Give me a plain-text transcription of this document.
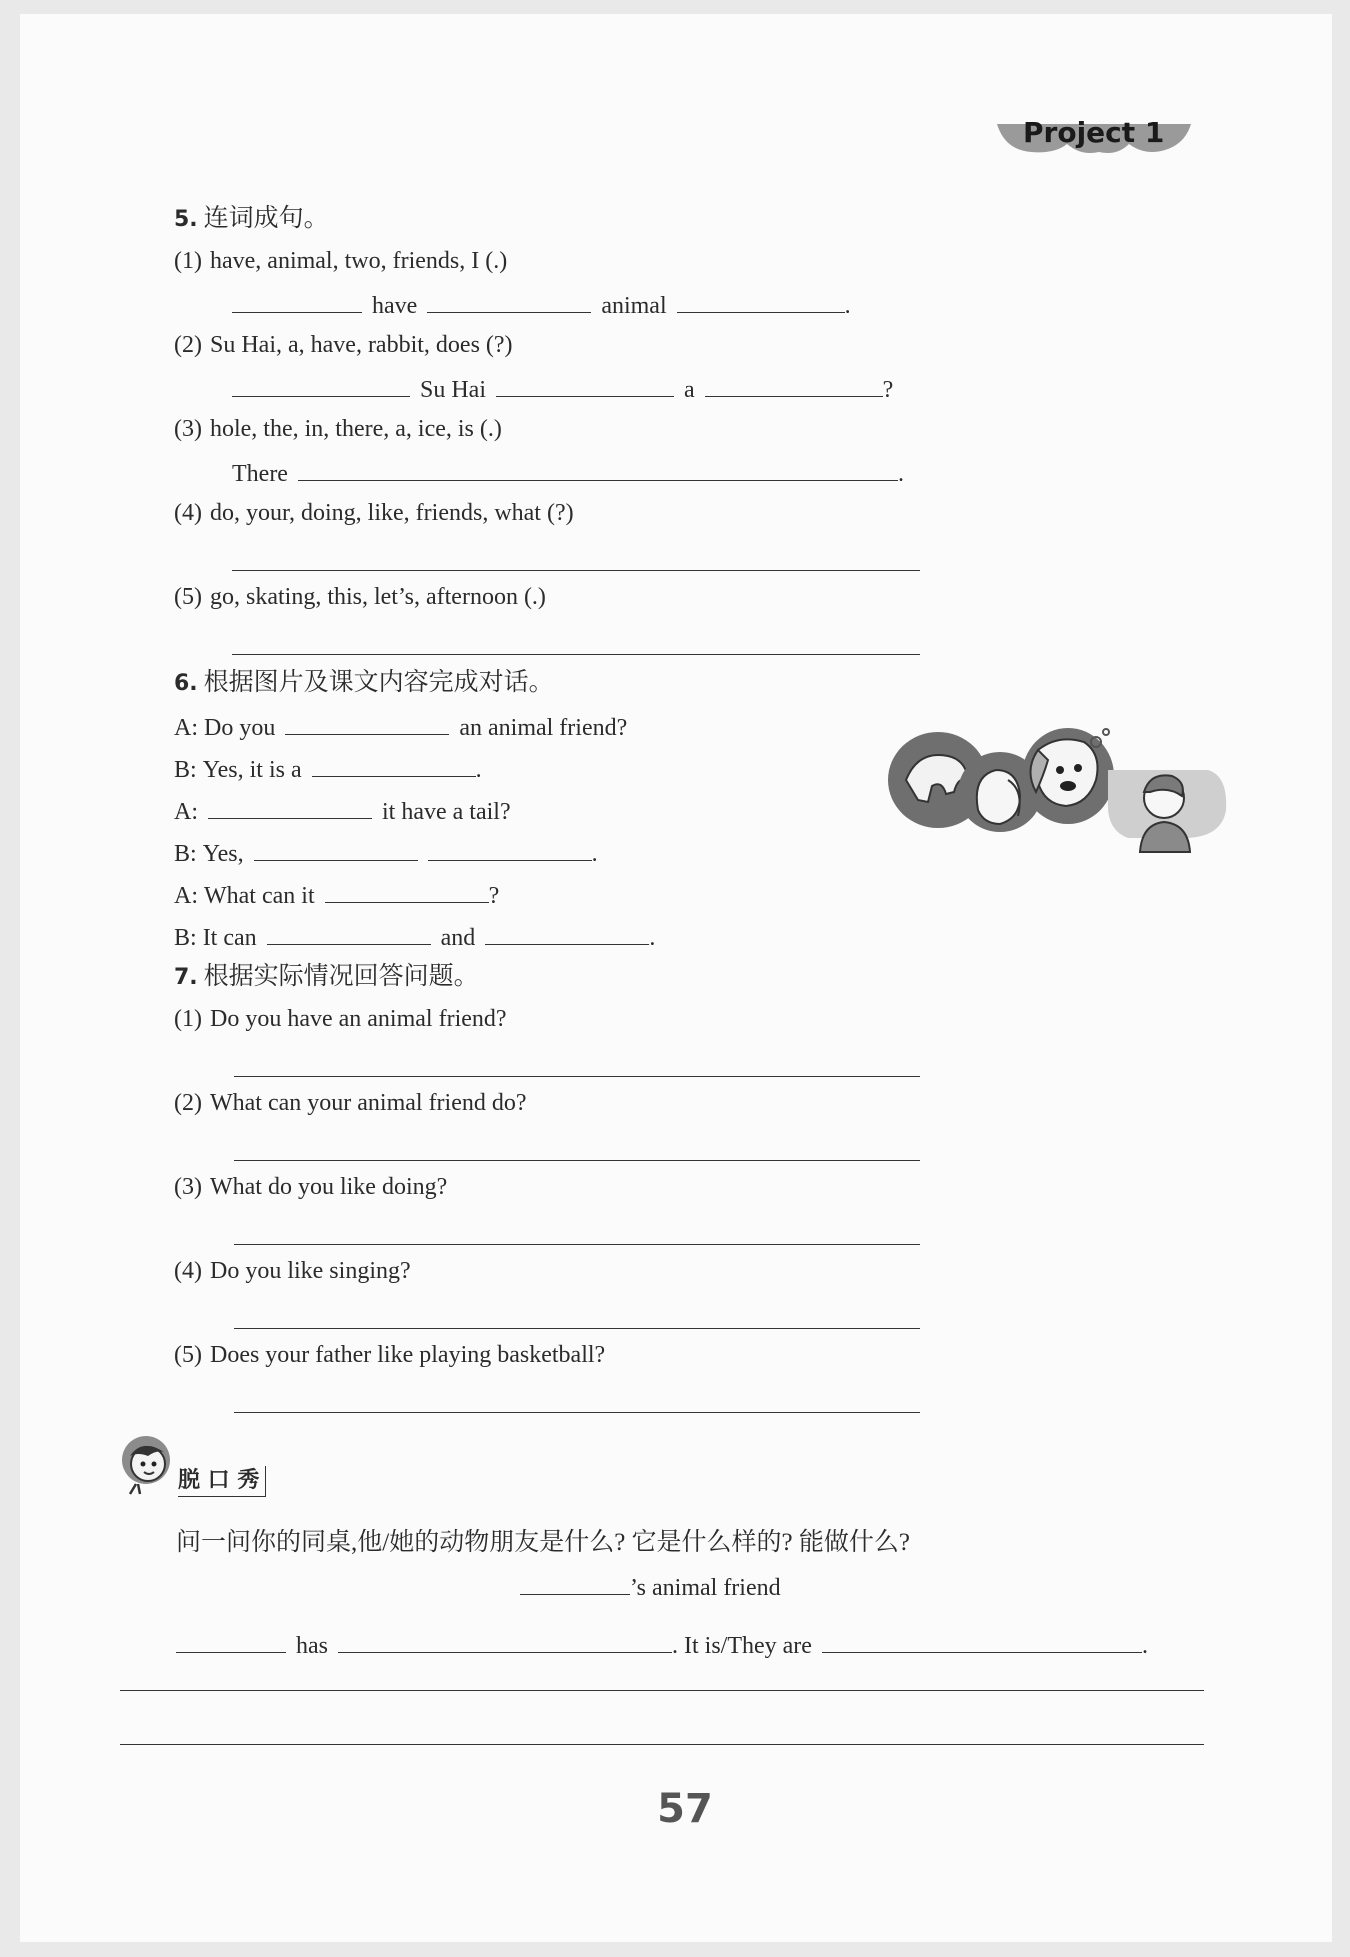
Project 1
5. 连词成句。
(1) have, animal, two, friends, I (.)
have	animal	.
(2) Su Hai, a, have, rabbit, does (?)
Su Hai	a	?
(3) hole, the, in, there, a, ice, is (.)
There	.
(4) do, your, doing, like, friends, what (?)
(5) go, skating, this, let’s, afternoon (.)
6. 根据图片及课文内容完成对话。
A: Do you	an animal friend?
B: Yes, it is a	.
A:	it have a tail?
B: Yes,	.
A: What can it	?
B: It can	and	.
7. 根据实际情况回答问题。
(1) Do you have an animal friend?
(2) What can your animal friend do?
(3) What do you like doing?
(4) Do you like singing?
(5) Does your father like playing basketball?
脱 口 秀
问一问你的同桌,他/她的动物朋友是什么? 它是什么样的? 能做什么?
’s animal friend
has	. It is/They are	.
57
